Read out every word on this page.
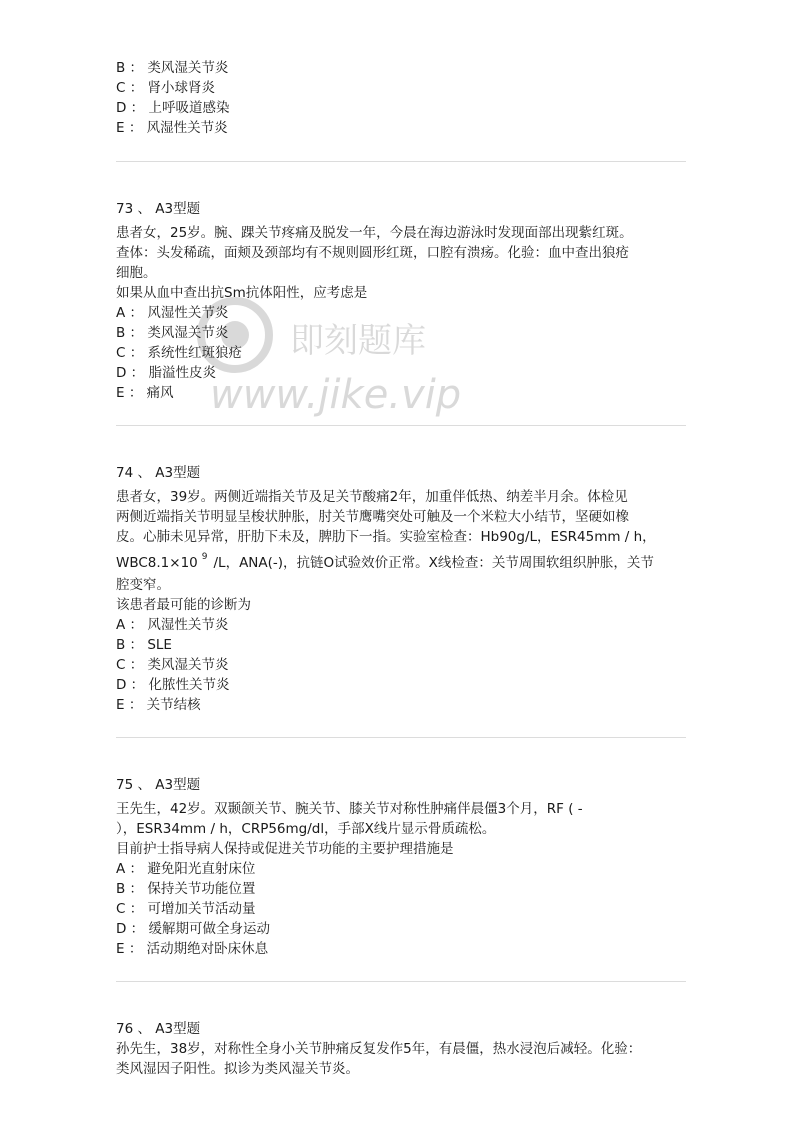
B ： 类风湿关节炎
C ： 肾小球肾炎
D ： 上呼吸道感染
E ： 风湿性关节炎
73 、 A3型题
患者女，25岁。腕、踝关节疼痛及脱发一年，今晨在海边游泳时发现面部出现紫红斑。
查体：头发稀疏，面颊及颈部均有不规则圆形红斑，口腔有溃疡。化验：血中查出狼疮
细胞。
如果从血中查出抗Sm抗体阳性，应考虑是
A ： 风湿性关节炎
B ： 类风湿关节炎
C ： 系统性红斑狼疮
D ： 脂溢性皮炎
E ： 痛风
74 、 A3型题
患者女，39岁。两侧近端指关节及足关节酸痛2年，加重伴低热、纳差半月余。体检见
两侧近端指关节明显呈梭状肿胀，肘关节鹰嘴突处可触及一个米粒大小结节，坚硬如橡
皮。心肺未见异常，肝肋下未及，脾肋下一指。实验室检查：Hb90g/L，ESR45mm / h，
WBC8.1×10 $^9$ /L，ANA(-)，抗链O试验效价正常。X线检查：关节周围软组织肿胀，关节
腔变窄。
该患者最可能的诊断为
A ： 风湿性关节炎
B ： SLE
C ： 类风湿关节炎
D ： 化脓性关节炎
E ： 关节结核
75 、 A3型题
王先生，42岁。双颞颌关节、腕关节、膝关节对称性肿痛伴晨僵3个月，RF ( -
），ESR34mm / h，CRP56mg/dl，手部X线片显示骨质疏松。
目前护士指导病人保持或促进关节功能的主要护理措施是
A ： 避免阳光直射床位
B ： 保持关节功能位置
C ： 可增加关节活动量
D ： 缓解期可做全身运动
E ： 活动期绝对卧床休息
76 、 A3型题
孙先生，38岁，对称性全身小关节肿痛反复发作5年，有晨僵，热水浸泡后减轻。化验：
类风湿因子阳性。拟诊为类风湿关节炎。
即刻题库
www.jike.vip
